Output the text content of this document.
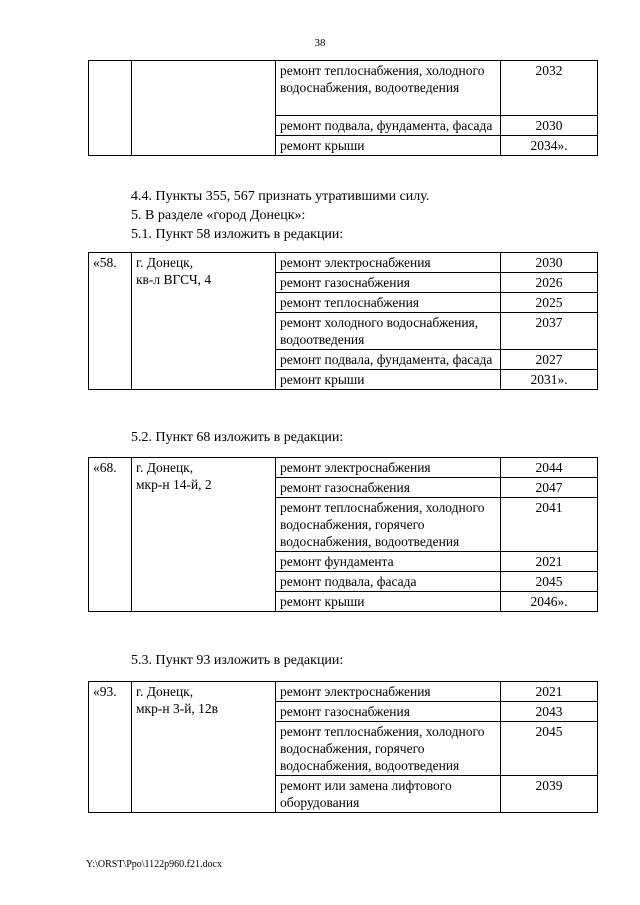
38
		ремонт теплоснабжения, холодного водоснабжения, водоотведения	2032
		ремонт подвала, фундамента, фасада	2030
		ремонт крыши	2034».
4.4. Пункты 355, 567 признать утратившими силу.
5. В разделе «город Донецк»:
5.1. Пункт 58 изложить в редакции:
«58.	г. Донецк,
кв-л ВГСЧ, 4	ремонт электроснабжения	2030
		ремонт газоснабжения	2026
		ремонт теплоснабжения	2025
		ремонт холодного водоснабжения, водоотведения	2037
		ремонт подвала, фундамента, фасада	2027
		ремонт крыши	2031».
5.2. Пункт 68 изложить в редакции:
«68.	г. Донецк,
мкр-н 14-й, 2	ремонт электроснабжения	2044
		ремонт газоснабжения	2047
		ремонт теплоснабжения, холодного водоснабжения, горячего водоснабжения, водоотведения	2041
		ремонт фундамента	2021
		ремонт подвала, фасада	2045
		ремонт крыши	2046».
5.3. Пункт 93 изложить в редакции:
«93.	г. Донецк,
мкр-н 3-й, 12в	ремонт электроснабжения	2021
		ремонт газоснабжения	2043
		ремонт теплоснабжения, холодного водоснабжения, горячего водоснабжения, водоотведения	2045
		ремонт или замена лифтового оборудования	2039
Y:\ORST\Ppo\1122p960.f21.docx
